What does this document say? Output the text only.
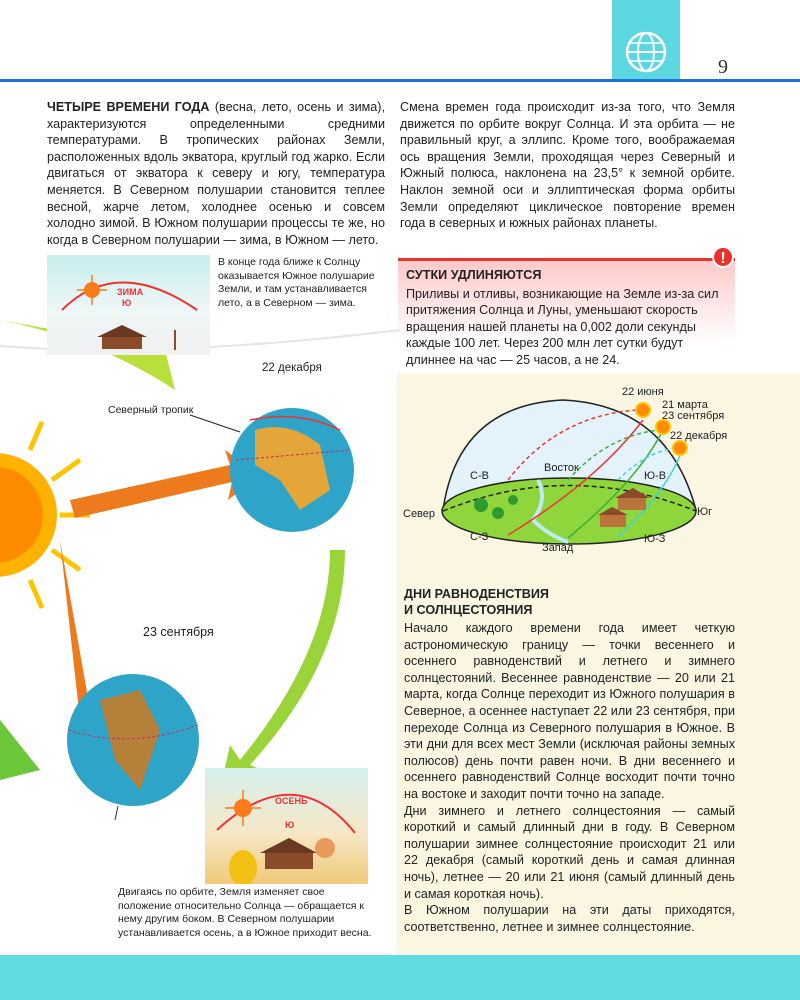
9
ЧЕТЫРЕ ВРЕМЕНИ ГОДА (весна, лето, осень и зима), характеризуются определенными средними температурами. В тропических районах Земли, расположенных вдоль экватора, круглый год жарко. Если двигаться от экватора к северу и югу, температура меняется. В Северном полушарии становится теплее весной, жарче летом, холоднее осенью и совсем холодно зимой. В Южном полушарии процессы те же, но когда в Северном полушарии — зима, в Южном — лето.
Смена времен года происходит из-за того, что Земля движется по орбите вокруг Солнца. И эта орбита — не правильный круг, а эллипс. Кроме того, воображаемая ось вращения Земли, проходящая через Северный и Южный полюса, наклонена на 23,5° к земной орбите. Наклон земной оси и эллиптическая форма орбиты Земли определяют циклическое повторение времен года в северных и южных районах планеты.
СУТКИ УДЛИНЯЮТСЯ
Приливы и отливы, возникающие на Земле из-за сил притяжения Солнца и Луны, уменьшают скорость вращения нашей планеты на 0,002 доли секунды каждые 100 лет. Через 200 млн лет сутки будут длиннее на час — 25 часов, а не 24.
!
22 декабря
Северный тропик
23 сентября
ЗИМА
Ю
В конце года ближе к Солнцу оказывается Южное полушарие Земли, и там устанавливается лето, а в Северном — зима.
ОСЕНЬ
Ю
Двигаясь по орбите, Земля изменяет свое положение относительно Солнца — обращается к нему другим боком. В Северном полушарии устанавливается осень, а в Южное приходит весна.
22 июня
21 марта
23 сентября
22 декабря
Север	Юг
Восток
Запад
С-В
С-З
Ю-В
Ю-З
ДНИ РАВНОДЕНСТВИЯ
И СОЛНЦЕСТОЯНИЯ
Начало каждого времени года имеет четкую астрономическую границу — точки весеннего и осеннего равноденствий и летнего и зимнего солнцестояний. Весеннее равноденствие — 20 или 21 марта, когда Солнце переходит из Южного полушария в Северное, а осеннее наступает 22 или 23 сентября, при переходе Солнца из Северного полушария в Южное. В эти дни для всех мест Земли (исключая районы земных полюсов) день почти равен ночи. В дни весеннего и осеннего равноденствий Солнце восходит почти точно на востоке и заходит почти точно на западе.
Дни зимнего и летнего солнцестояния — самый короткий и самый длинный дни в году. В Северном полушарии зимнее солнцестояние происходит 21 или 22 декабря (самый короткий день и самая длинная ночь), летнее — 20 или 21 июня (самый длинный день и самая короткая ночь).
В Южном полушарии на эти даты приходятся, соответственно, летнее и зимнее солнцестояние.
